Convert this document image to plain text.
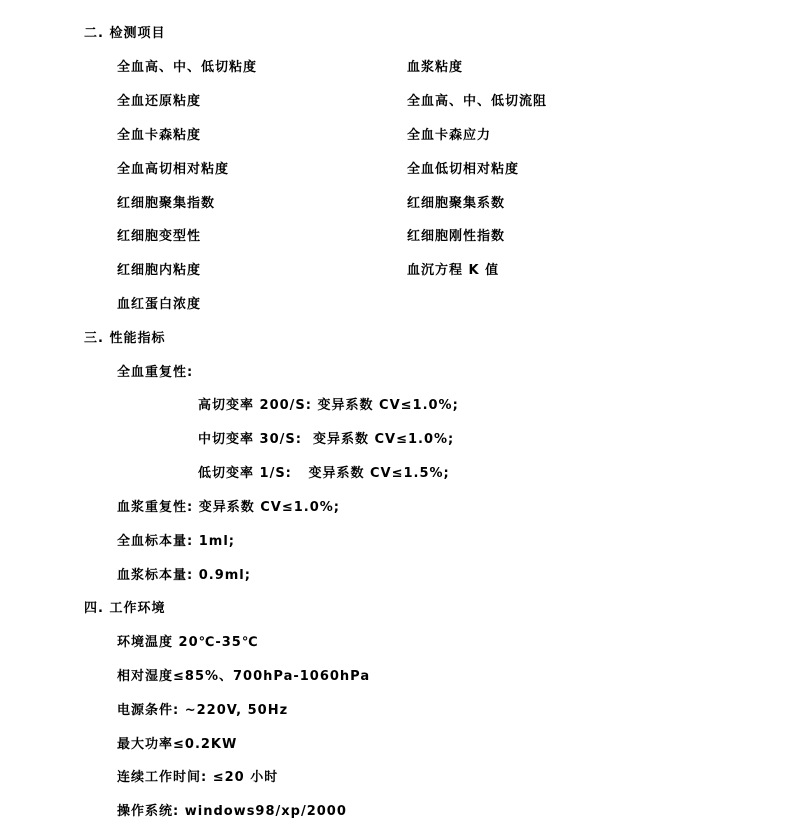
二. 检测项目
全血高、中、低切粘度	血浆粘度
全血还原粘度	全血高、中、低切流阻
全血卡森粘度	全血卡森应力
全血高切相对粘度	全血低切相对粘度
红细胞聚集指数	红细胞聚集系数
红细胞变型性	红细胞刚性指数
红细胞内粘度	血沉方程 K 值
血红蛋白浓度
三. 性能指标
全血重复性:
高切变率 200/S: 变异系数 CV≤1.0%;
中切变率 30/S:  变异系数 CV≤1.0%;
低切变率 1/S:   变异系数 CV≤1.5%;
血浆重复性: 变异系数 CV≤1.0%;
全血标本量: 1ml;
血浆标本量: 0.9ml;
四. 工作环境
环境温度 20℃-35℃
相对湿度≤85%、700hPa-1060hPa
电源条件: ~220V, 50Hz
最大功率≤0.2KW
连续工作时间: ≤20 小时
操作系统: windows98/xp/2000
